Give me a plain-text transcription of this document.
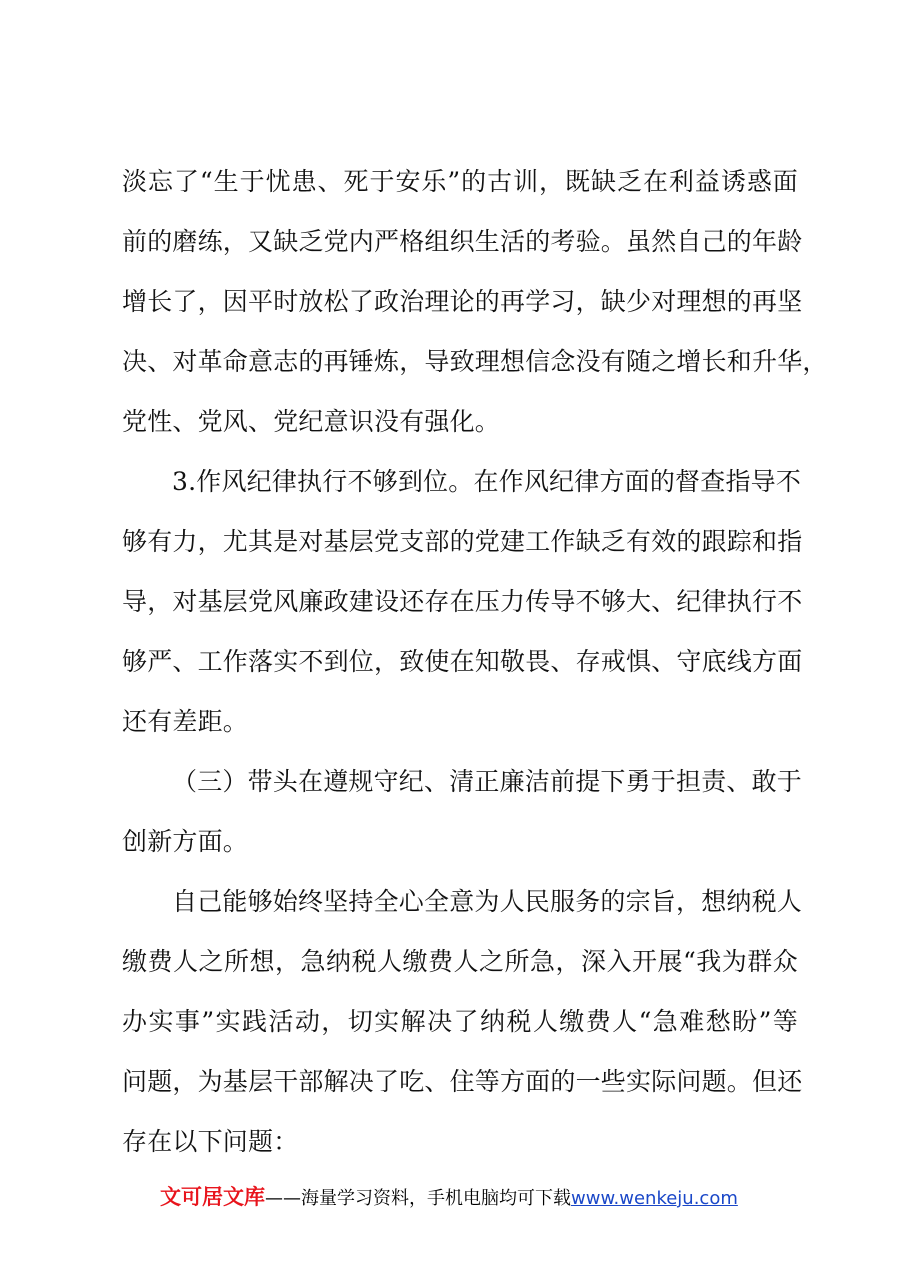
淡忘了“生于忧患、死于安乐”的古训，既缺乏在利益诱惑面
前的磨练，又缺乏党内严格组织生活的考验。虽然自己的年龄
增长了，因平时放松了政治理论的再学习，缺少对理想的再坚
决、对革命意志的再锤炼，导致理想信念没有随之增长和升华，
党性、党风、党纪意识没有强化。

3.作风纪律执行不够到位。在作风纪律方面的督查指导不
够有力，尤其是对基层党支部的党建工作缺乏有效的跟踪和指
导，对基层党风廉政建设还存在压力传导不够大、纪律执行不
够严、工作落实不到位，致使在知敬畏、存戒惧、守底线方面
还有差距。

（三）带头在遵规守纪、清正廉洁前提下勇于担责、敢于
创新方面。

自己能够始终坚持全心全意为人民服务的宗旨，想纳税人
缴费人之所想，急纳税人缴费人之所急，深入开展“我为群众
办实事”实践活动，切实解决了纳税人缴费人“急难愁盼”等
问题，为基层干部解决了吃、住等方面的一些实际问题。但还
存在以下问题：

文可居文库——海量学习资料，手机电脑均可下载www.wenkeju.com
